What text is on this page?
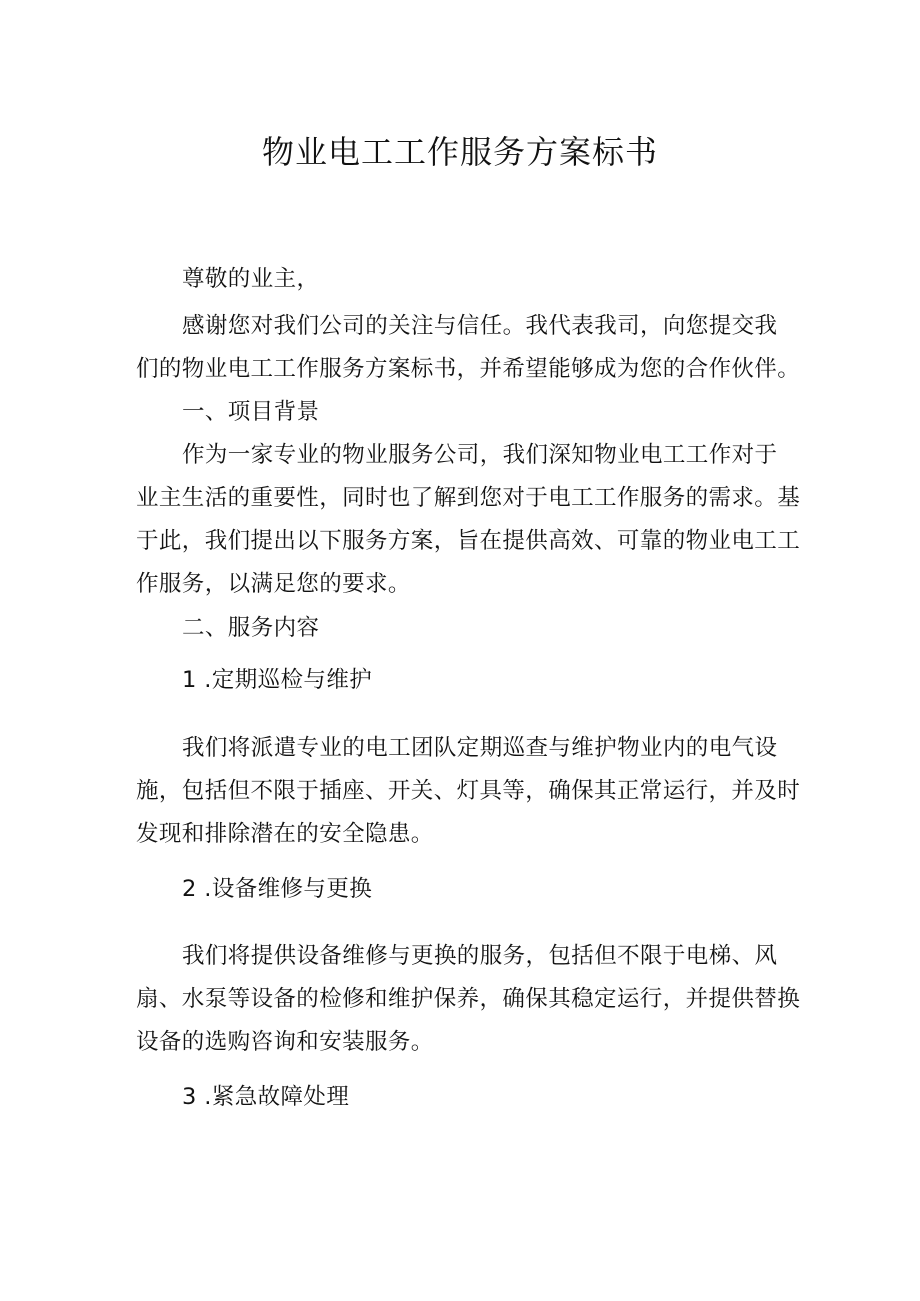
物业电工工作服务方案标书
尊敬的业主，
感谢您对我们公司的关注与信任。我代表我司，向您提交我
们的物业电工工作服务方案标书，并希望能够成为您的合作伙伴。
一、项目背景
作为一家专业的物业服务公司，我们深知物业电工工作对于
业主生活的重要性，同时也了解到您对于电工工作服务的需求。基
于此，我们提出以下服务方案，旨在提供高效、可靠的物业电工工
作服务，以满足您的要求。
二、服务内容
1 .定期巡检与维护
我们将派遣专业的电工团队定期巡查与维护物业内的电气设
施，包括但不限于插座、开关、灯具等，确保其正常运行，并及时
发现和排除潜在的安全隐患。
2 .设备维修与更换
我们将提供设备维修与更换的服务，包括但不限于电梯、风
扇、水泵等设备的检修和维护保养，确保其稳定运行，并提供替换
设备的选购咨询和安装服务。
3 .紧急故障处理
